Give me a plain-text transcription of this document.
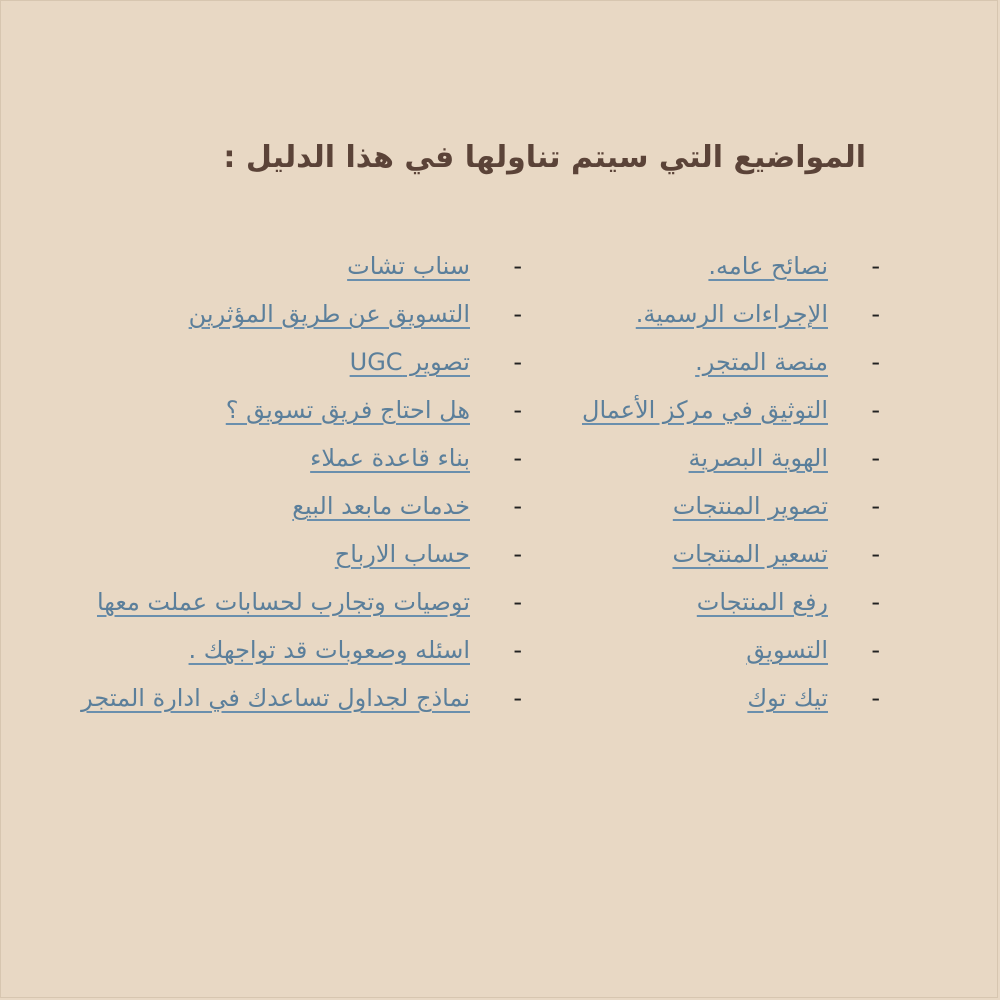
المواضيع التي سيتم تناولها في هذا الدليل :
-
نصائح عامه.
-
الإجراءات الرسمية.
-
منصة المتجر.
-
التوثيق في مركز الأعمال
-
الهوية البصرية
-
تصوير المنتجات
-
تسعير المنتجات
-
رفع المنتجات
-
التسويق
-
تيك توك
-
سناب تشات
-
التسويق عن طريق المؤثرين
-
تصوير UGC
-
هل احتاج فريق تسويق ؟
-
بناء قاعدة عملاء
-
خدمات مابعد البيع
-
حساب الارباح
-
توصيات وتجارب لحسابات عملت معها
-
اسئله وصعوبات قد تواجهك .
-
نماذج لجداول تساعدك في ادارة المتجر
